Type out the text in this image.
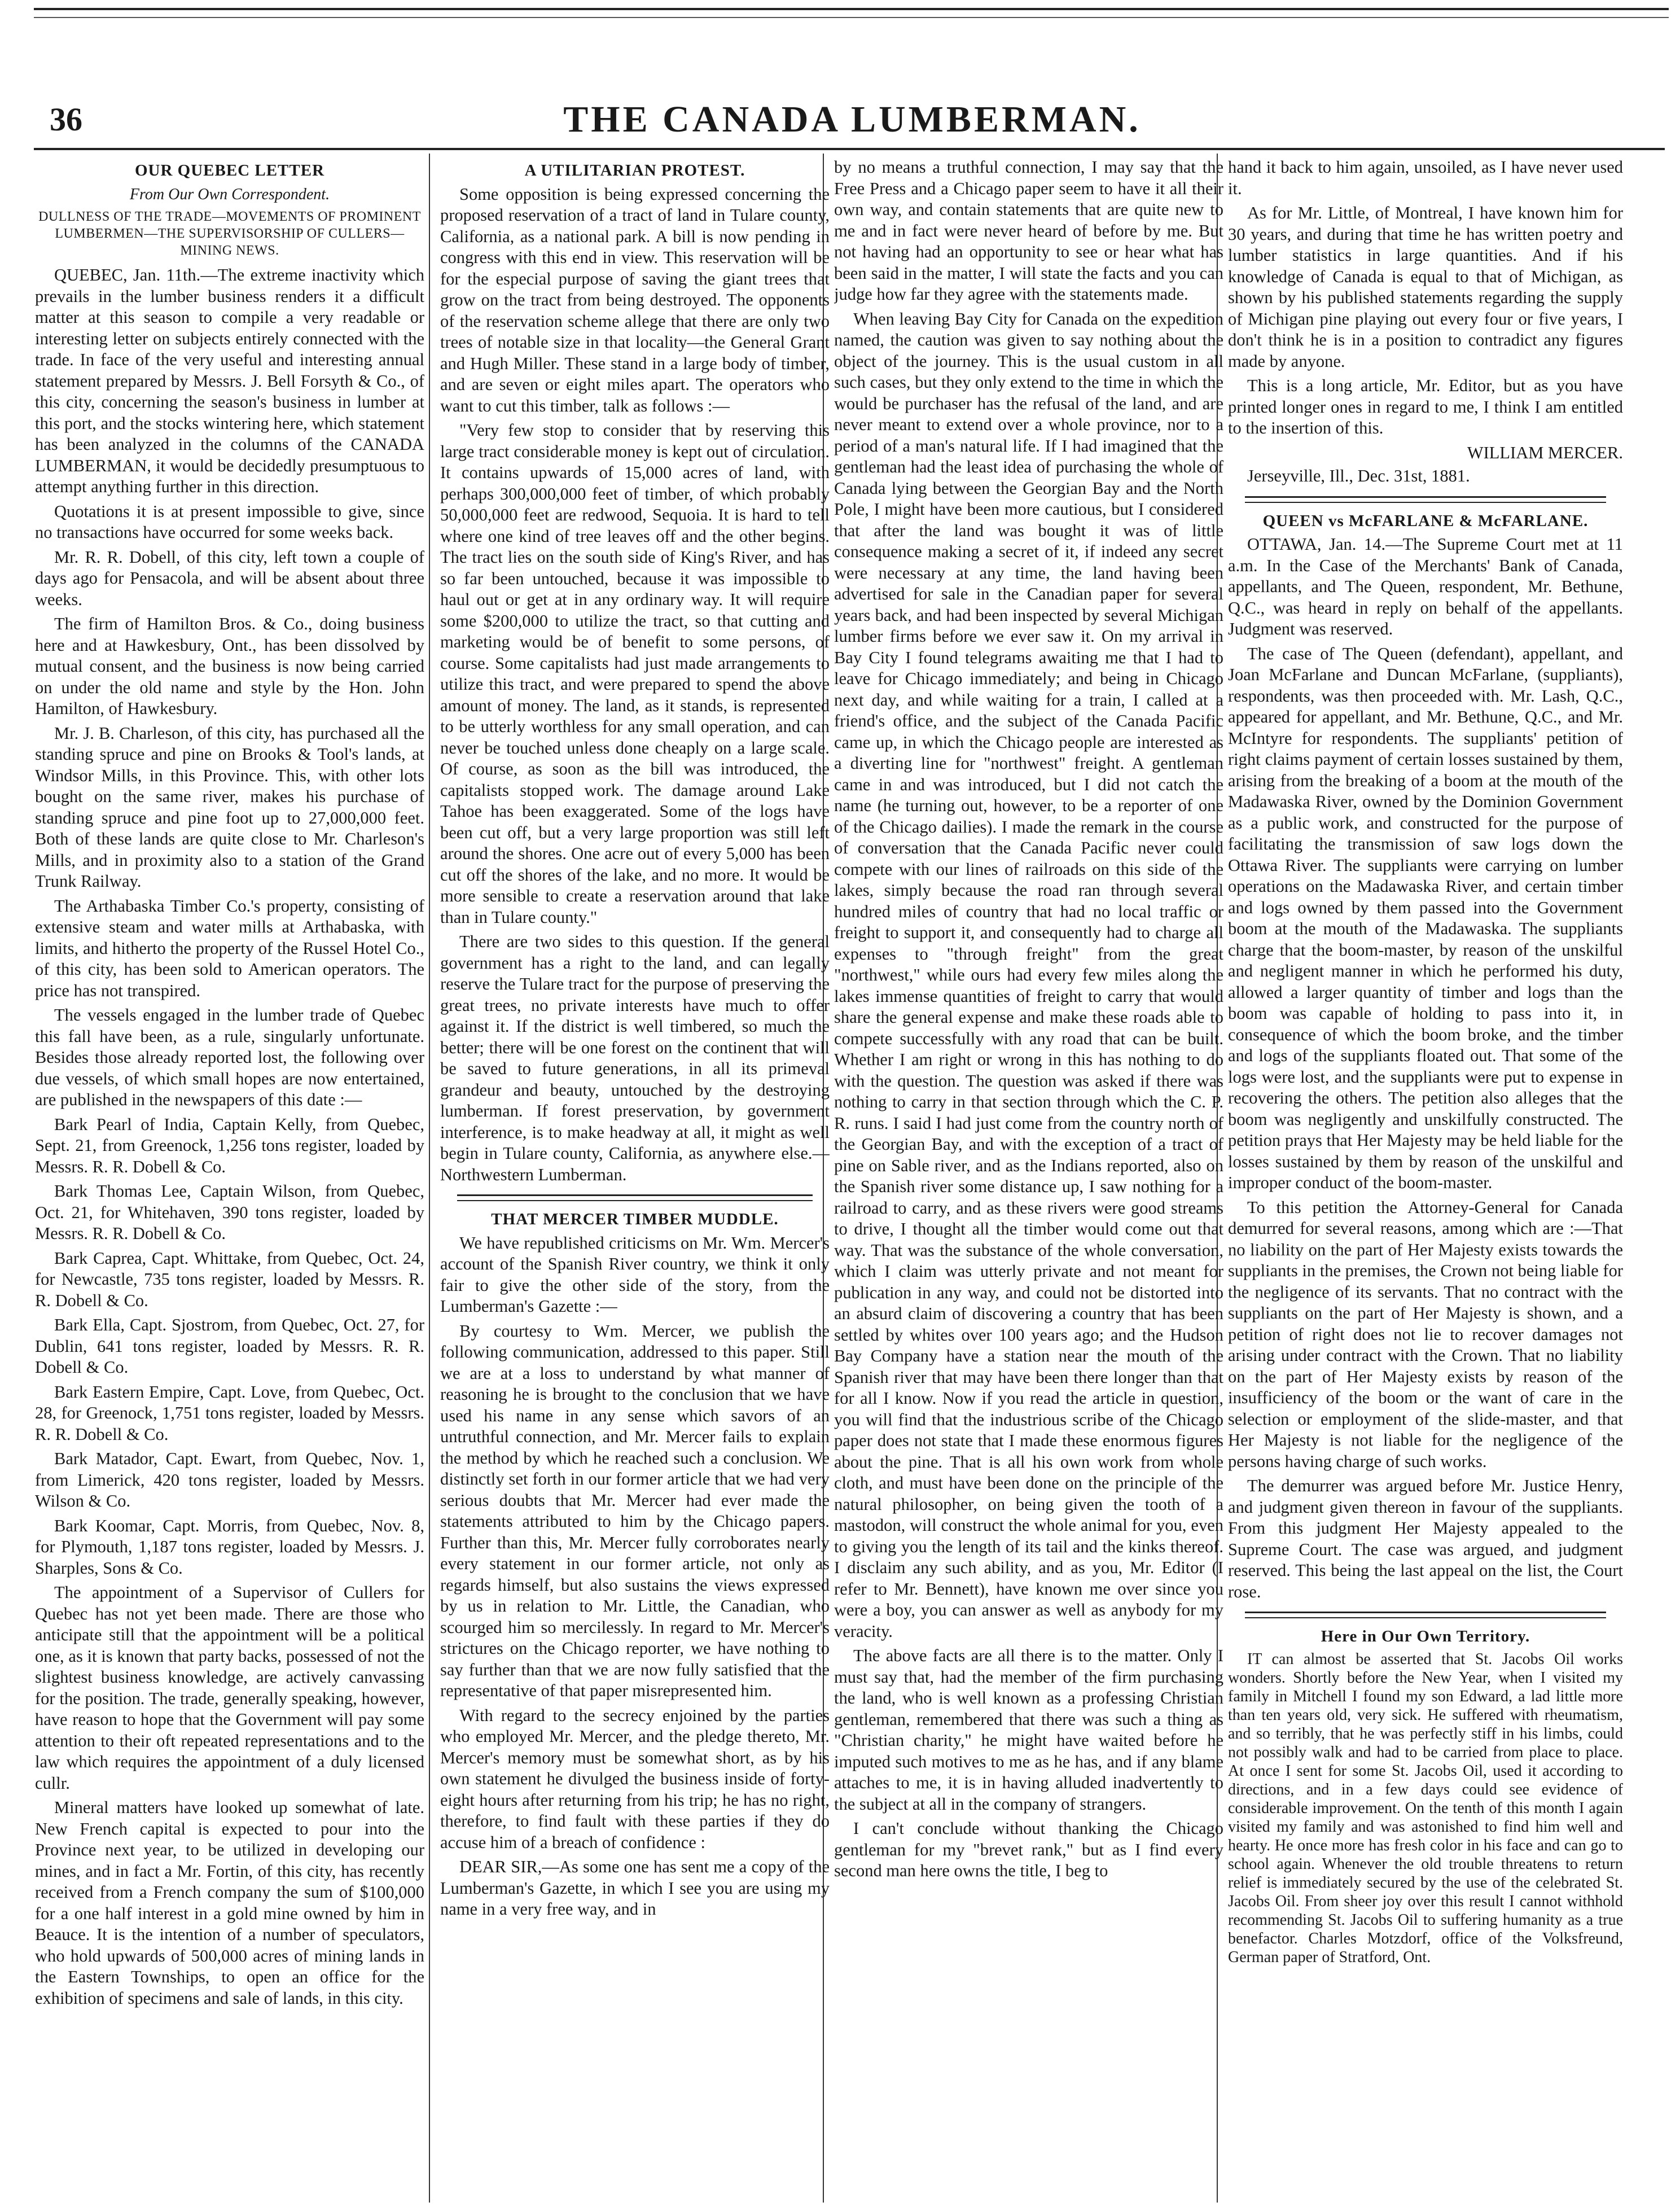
36	THE CANADA LUMBERMAN.
OUR QUEBEC LETTER
From Our Own Correspondent.
DULLNESS OF THE TRADE—MOVEMENTS OF PROMINENT LUMBERMEN—THE SUPERVISORSHIP OF CULLERS—MINING NEWS.

QUEBEC, Jan. 11th.—The extreme inactivity which prevails in the lumber business renders it a difficult matter at this season to compile a very readable or interesting letter on subjects entirely connected with the trade. In face of the very useful and interesting annual statement prepared by Messrs. J. Bell Forsyth & Co., of this city, concerning the season's business in lumber at this port, and the stocks wintering here, which statement has been analyzed in the columns of the CANADA LUMBERMAN, it would be decidedly presumptuous to attempt anything further in this direction.

Quotations it is at present impossible to give, since no transactions have occurred for some weeks back.

Mr. R. R. Dobell, of this city, left town a couple of days ago for Pensacola, and will be absent about three weeks.

The firm of Hamilton Bros. & Co., doing business here and at Hawkesbury, Ont., has been dissolved by mutual consent, and the business is now being carried on under the old name and style by the Hon. John Hamilton, of Hawkesbury.

Mr. J. B. Charleson, of this city, has purchased all the standing spruce and pine on Brooks & Tool's lands, at Windsor Mills, in this Province. This, with other lots bought on the same river, makes his purchase of standing spruce and pine foot up to 27,000,000 feet. Both of these lands are quite close to Mr. Charleson's Mills, and in proximity also to a station of the Grand Trunk Railway.

The Arthabaska Timber Co.'s property, consisting of extensive steam and water mills at Arthabaska, with limits, and hitherto the property of the Russel Hotel Co., of this city, has been sold to American operators. The price has not transpired.

The vessels engaged in the lumber trade of Quebec this fall have been, as a rule, singularly unfortunate. Besides those already reported lost, the following over due vessels, of which small hopes are now entertained, are published in the newspapers of this date :—

Bark Pearl of India, Captain Kelly, from Quebec, Sept. 21, from Greenock, 1,256 tons register, loaded by Messrs. R. R. Dobell & Co.

Bark Thomas Lee, Captain Wilson, from Quebec, Oct. 21, for Whitehaven, 390 tons register, loaded by Messrs. R. R. Dobell & Co.

Bark Caprea, Capt. Whittake, from Quebec, Oct. 24, for Newcastle, 735 tons register, loaded by Messrs. R. R. Dobell & Co.

Bark Ella, Capt. Sjostrom, from Quebec, Oct. 27, for Dublin, 641 tons register, loaded by Messrs. R. R. Dobell & Co.

Bark Eastern Empire, Capt. Love, from Quebec, Oct. 28, for Greenock, 1,751 tons register, loaded by Messrs. R. R. Dobell & Co.

Bark Matador, Capt. Ewart, from Quebec, Nov. 1, from Limerick, 420 tons register, loaded by Messrs. Wilson & Co.

Bark Koomar, Capt. Morris, from Quebec, Nov. 8, for Plymouth, 1,187 tons register, loaded by Messrs. J. Sharples, Sons & Co.

The appointment of a Supervisor of Cullers for Quebec has not yet been made. There are those who anticipate still that the appointment will be a political one, as it is known that party backs, possessed of not the slightest business knowledge, are actively canvassing for the position. The trade, generally speaking, however, have reason to hope that the Government will pay some attention to their oft repeated representations and to the law which requires the appointment of a duly licensed cullr.

Mineral matters have looked up somewhat of late. New French capital is expected to pour into the Province next year, to be utilized in developing our mines, and in fact a Mr. Fortin, of this city, has recently received from a French company the sum of $100,000 for a one half interest in a gold mine owned by him in Beauce. It is the intention of a number of speculators, who hold upwards of 500,000 acres of mining lands in the Eastern Townships, to open an office for the exhibition of specimens and sale of lands, in this city.

A UTILITARIAN PROTEST.

Some opposition is being expressed concerning the proposed reservation of a tract of land in Tulare county, California, as a national park. A bill is now pending in congress with this end in view. This reservation will be for the especial purpose of saving the giant trees that grow on the tract from being destroyed. The opponents of the reservation scheme allege that there are only two trees of notable size in that locality—the General Grant and Hugh Miller. These stand in a large body of timber, and are seven or eight miles apart. The operators who want to cut this timber, talk as follows :—

"Very few stop to consider that by reserving this large tract considerable money is kept out of circulation. It contains upwards of 15,000 acres of land, with perhaps 300,000,000 feet of timber, of which probably 50,000,000 feet are redwood, Sequoia. It is hard to tell where one kind of tree leaves off and the other begins. The tract lies on the south side of King's River, and has so far been untouched, because it was impossible to haul out or get at in any ordinary way. It will require some $200,000 to utilize the tract, so that cutting and marketing would be of benefit to some persons, of course. Some capitalists had just made arrangements to utilize this tract, and were prepared to spend the above amount of money. The land, as it stands, is represented to be utterly worthless for any small operation, and can never be touched unless done cheaply on a large scale. Of course, as soon as the bill was introduced, the capitalists stopped work. The damage around Lake Tahoe has been exaggerated. Some of the logs have been cut off, but a very large proportion was still left around the shores. One acre out of every 5,000 has been cut off the shores of the lake, and no more. It would be more sensible to create a reservation around that lake than in Tulare county."

There are two sides to this question. If the general government has a right to the land, and can legally reserve the Tulare tract for the purpose of preserving the great trees, no private interests have much to offer against it. If the district is well timbered, so much the better; there will be one forest on the continent that will be saved to future generations, in all its primeval grandeur and beauty, untouched by the destroying lumberman. If forest preservation, by government interference, is to make headway at all, it might as well begin in Tulare county, California, as anywhere else.—Northwestern Lumberman.

THAT MERCER TIMBER MUDDLE.

We have republished criticisms on Mr. Wm. Mercer's account of the Spanish River country, we think it only fair to give the other side of the story, from the Lumberman's Gazette :—

By courtesy to Wm. Mercer, we publish the following communication, addressed to this paper. Still we are at a loss to understand by what manner of reasoning he is brought to the conclusion that we have used his name in any sense which savors of an untruthful connection, and Mr. Mercer fails to explain the method by which he reached such a conclusion. We distinctly set forth in our former article that we had very serious doubts that Mr. Mercer had ever made the statements attributed to him by the Chicago papers. Further than this, Mr. Mercer fully corroborates nearly every statement in our former article, not only as regards himself, but also sustains the views expressed by us in relation to Mr. Little, the Canadian, who scourged him so mercilessly. In regard to Mr. Mercer's strictures on the Chicago reporter, we have nothing to say further than that we are now fully satisfied that the representative of that paper misrepresented him.

With regard to the secrecy enjoined by the parties who employed Mr. Mercer, and the pledge thereto, Mr. Mercer's memory must be somewhat short, as by his own statement he divulged the business inside of forty-eight hours after returning from his trip; he has no right, therefore, to find fault with these parties if they do accuse him of a breach of confidence :

DEAR SIR,—As some one has sent me a copy of the Lumberman's Gazette, in which I see you are using my name in a very free way, and in

by no means a truthful connection, I may say that the Free Press and a Chicago paper seem to have it all their own way, and contain statements that are quite new to me and in fact were never heard of before by me. But not having had an opportunity to see or hear what has been said in the matter, I will state the facts and you can judge how far they agree with the statements made.

When leaving Bay City for Canada on the expedition named, the caution was given to say nothing about the object of the journey. This is the usual custom in all such cases, but they only extend to the time in which the would be purchaser has the refusal of the land, and are never meant to extend over a whole province, nor to a period of a man's natural life. If I had imagined that the gentleman had the least idea of purchasing the whole of Canada lying between the Georgian Bay and the North Pole, I might have been more cautious, but I considered that after the land was bought it was of little consequence making a secret of it, if indeed any secret were necessary at any time, the land having been advertised for sale in the Canadian paper for several years back, and had been inspected by several Michigan lumber firms before we ever saw it. On my arrival in Bay City I found telegrams awaiting me that I had to leave for Chicago immediately; and being in Chicago next day, and while waiting for a train, I called at a friend's office, and the subject of the Canada Pacific came up, in which the Chicago people are interested as a diverting line for "northwest" freight. A gentleman came in and was introduced, but I did not catch the name (he turning out, however, to be a reporter of one of the Chicago dailies). I made the remark in the course of conversation that the Canada Pacific never could compete with our lines of railroads on this side of the lakes, simply because the road ran through several hundred miles of country that had no local traffic or freight to support it, and consequently had to charge all expenses to "through freight" from the great "northwest," while ours had every few miles along the lakes immense quantities of freight to carry that would share the general expense and make these roads able to compete successfully with any road that can be built. Whether I am right or wrong in this has nothing to do with the question. The question was asked if there was nothing to carry in that section through which the C. P. R. runs. I said I had just come from the country north of the Georgian Bay, and with the exception of a tract of pine on Sable river, and as the Indians reported, also on the Spanish river some distance up, I saw nothing for a railroad to carry, and as these rivers were good streams to drive, I thought all the timber would come out that way. That was the substance of the whole conversation, which I claim was utterly private and not meant for publication in any way, and could not be distorted into an absurd claim of discovering a country that has been settled by whites over 100 years ago; and the Hudson Bay Company have a station near the mouth of the Spanish river that may have been there longer than that for all I know. Now if you read the article in question, you will find that the industrious scribe of the Chicago paper does not state that I made these enormous figures about the pine. That is all his own work from whole cloth, and must have been done on the principle of the natural philosopher, on being given the tooth of a mastodon, will construct the whole animal for you, even to giving you the length of its tail and the kinks thereof. I disclaim any such ability, and as you, Mr. Editor (I refer to Mr. Bennett), have known me over since you were a boy, you can answer as well as anybody for my veracity.

The above facts are all there is to the matter. Only I must say that, had the member of the firm purchasing the land, who is well known as a professing Christian gentleman, remembered that there was such a thing as "Christian charity," he might have waited before he imputed such motives to me as he has, and if any blame attaches to me, it is in having alluded inadvertently to the subject at all in the company of strangers.

I can't conclude without thanking the Chicago gentleman for my "brevet rank," but as I find every second man here owns the title, I beg to

hand it back to him again, unsoiled, as I have never used it.

As for Mr. Little, of Montreal, I have known him for 30 years, and during that time he has written poetry and lumber statistics in large quantities. And if his knowledge of Canada is equal to that of Michigan, as shown by his published statements regarding the supply of Michigan pine playing out every four or five years, I don't think he is in a position to contradict any figures made by anyone.

This is a long article, Mr. Editor, but as you have printed longer ones in regard to me, I think I am entitled to the insertion of this.

WILLIAM MERCER.

Jerseyville, Ill., Dec. 31st, 1881.

QUEEN vs McFARLANE & McFARLANE.

OTTAWA, Jan. 14.—The Supreme Court met at 11 a.m. In the Case of the Merchants' Bank of Canada, appellants, and The Queen, respondent, Mr. Bethune, Q.C., was heard in reply on behalf of the appellants. Judgment was reserved.

The case of The Queen (defendant), appellant, and Joan McFarlane and Duncan McFarlane, (suppliants), respondents, was then proceeded with. Mr. Lash, Q.C., appeared for appellant, and Mr. Bethune, Q.C., and Mr. McIntyre for respondents. The suppliants' petition of right claims payment of certain losses sustained by them, arising from the breaking of a boom at the mouth of the Madawaska River, owned by the Dominion Government as a public work, and constructed for the purpose of facilitating the transmission of saw logs down the Ottawa River. The suppliants were carrying on lumber operations on the Madawaska River, and certain timber and logs owned by them passed into the Government boom at the mouth of the Madawaska. The suppliants charge that the boom-master, by reason of the unskilful and negligent manner in which he performed his duty, allowed a larger quantity of timber and logs than the boom was capable of holding to pass into it, in consequence of which the boom broke, and the timber and logs of the suppliants floated out. That some of the logs were lost, and the suppliants were put to expense in recovering the others. The petition also alleges that the boom was negligently and unskilfully constructed. The petition prays that Her Majesty may be held liable for the losses sustained by them by reason of the unskilful and improper conduct of the boom-master.

To this petition the Attorney-General for Canada demurred for several reasons, among which are :—That no liability on the part of Her Majesty exists towards the suppliants in the premises, the Crown not being liable for the negligence of its servants. That no contract with the suppliants on the part of Her Majesty is shown, and a petition of right does not lie to recover damages not arising under contract with the Crown. That no liability on the part of Her Majesty exists by reason of the insufficiency of the boom or the want of care in the selection or employment of the slide-master, and that Her Majesty is not liable for the negligence of the persons having charge of such works.

The demurrer was argued before Mr. Justice Henry, and judgment given thereon in favour of the suppliants. From this judgment Her Majesty appealed to the Supreme Court. The case was argued, and judgment reserved. This being the last appeal on the list, the Court rose.

Here in Our Own Territory.

IT can almost be asserted that St. Jacobs Oil works wonders. Shortly before the New Year, when I visited my family in Mitchell I found my son Edward, a lad little more than ten years old, very sick. He suffered with rheumatism, and so terribly, that he was perfectly stiff in his limbs, could not possibly walk and had to be carried from place to place. At once I sent for some St. Jacobs Oil, used it according to directions, and in a few days could see evidence of considerable improvement. On the tenth of this month I again visited my family and was astonished to find him well and hearty. He once more has fresh color in his face and can go to school again. Whenever the old trouble threatens to return relief is immediately secured by the use of the celebrated St. Jacobs Oil. From sheer joy over this result I cannot withhold recommending St. Jacobs Oil to suffering humanity as a true benefactor. Charles Motzdorf, office of the Volksfreund, German paper of Stratford, Ont.
